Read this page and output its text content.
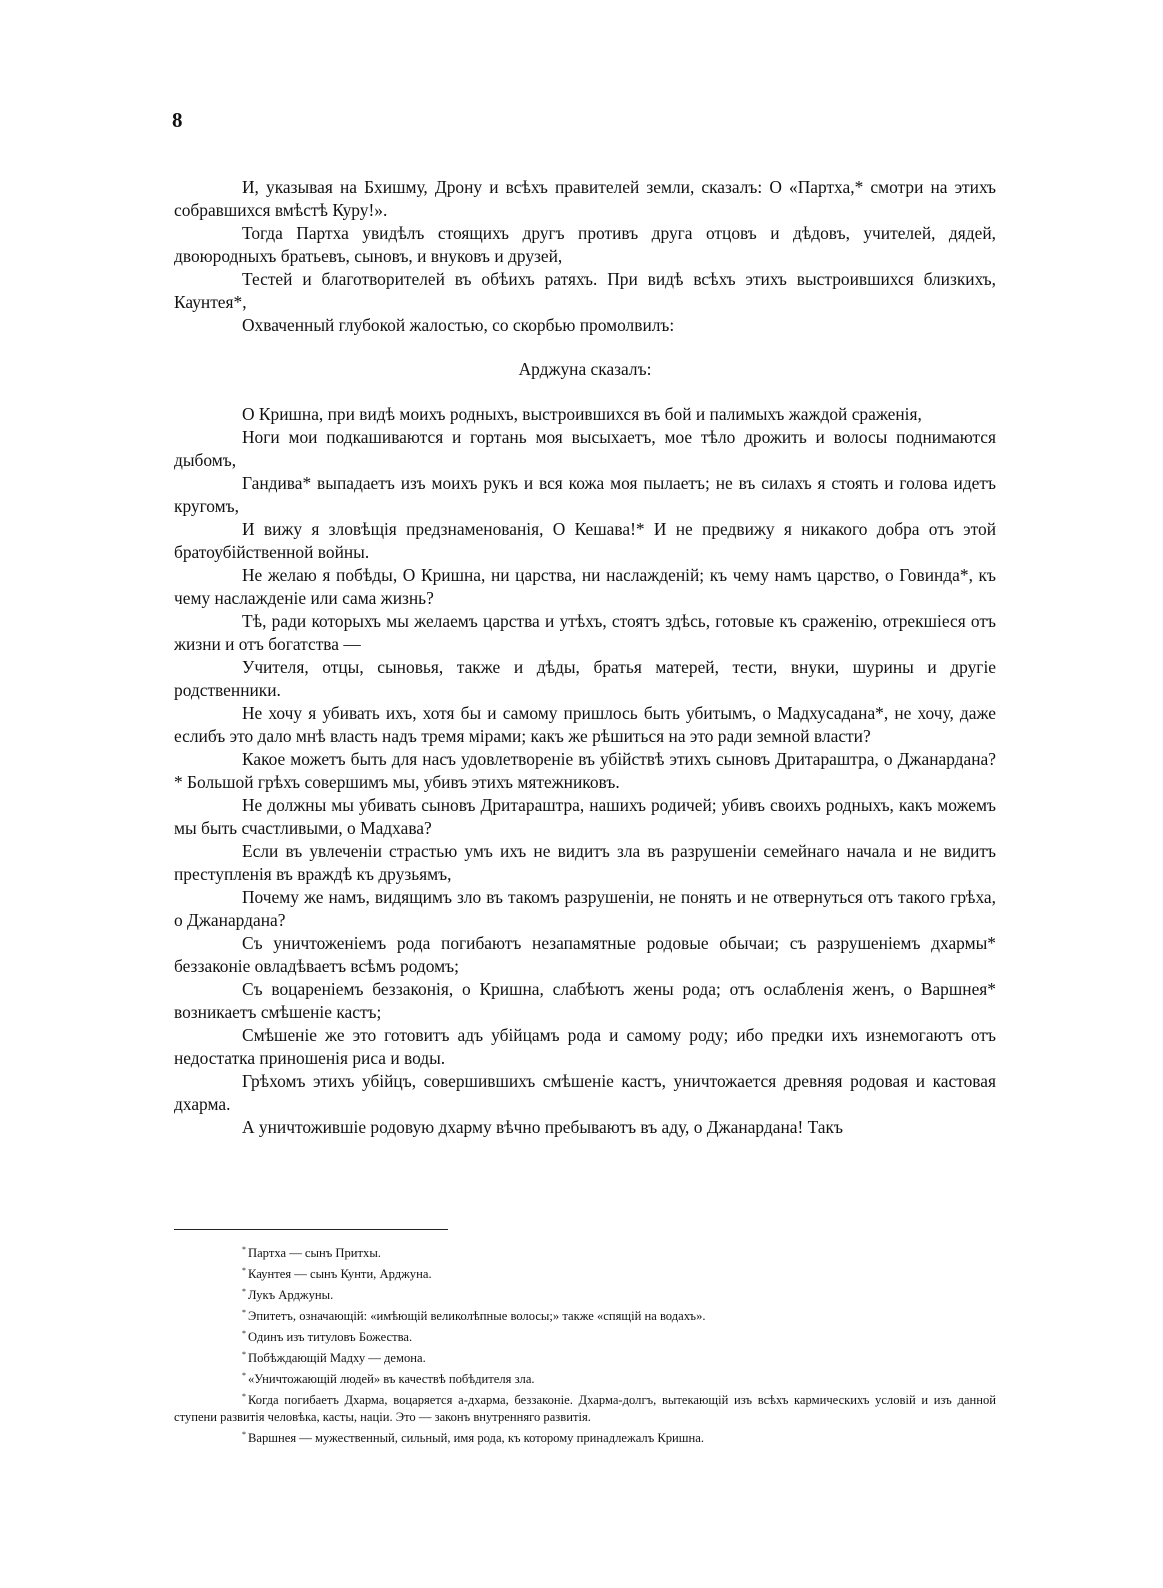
8

И, указывая на Бхишму, Дрону и всѣхъ правителей земли, сказалъ: О «Партха,* смотри на этихъ собравшихся вмѣстѣ Куру!».

Тогда Партха увидѣлъ стоящихъ другъ противъ друга отцовъ и дѣдовъ, учителей, дядей, двоюродныхъ братьевъ, сыновъ, и внуковъ и друзей,

Тестей и благотворителей въ обѣихъ ратяхъ. При видѣ всѣхъ этихъ выстроившихся близкихъ, Каунтея*,

Охваченный глубокой жалостью, со скорбью промолвилъ:

Арджуна сказалъ:

О Кришна, при видѣ моихъ родныхъ, выстроившихся въ бой и палимыхъ жаждой сраженія,

Ноги мои подкашиваются и гортань моя высыхаетъ, мое тѣло дрожить и волосы поднимаются дыбомъ,

Гандива* выпадаетъ изъ моихъ рукъ и вся кожа моя пылаетъ; не въ силахъ я стоять и голова идетъ кругомъ,

И вижу я зловѣщія предзнаменованія, О Кешава!* И не предвижу я никакого добра отъ этой братоубійственной войны.

Не желаю я побѣды, О Кришна, ни царства, ни наслажденій; къ чему намъ царство, о Говинда*, къ чему наслажденіе или сама жизнь?

Тѣ, ради которыхъ мы желаемъ царства и утѣхъ, стоятъ здѣсь, готовые къ сраженію, отрекшіеся отъ жизни и отъ богатства —

Учителя, отцы, сыновья, также и дѣды, братья матерей, тести, внуки, шурины и другіе родственники.

Не хочу я убивать ихъ, хотя бы и самому пришлось быть убитымъ, о Мадхусадана*, не хочу, даже еслибъ это дало мнѣ власть надъ тремя мірами; какъ же рѣшиться на это ради земной власти?

Какое можетъ быть для насъ удовлетвореніе въ убійствѣ этихъ сыновъ Дритараштра, о Джанардана?* Большой грѣхъ совершимъ мы, убивъ этихъ мятежниковъ.

Не должны мы убивать сыновъ Дритараштра, нашихъ родичей; убивъ своихъ родныхъ, какъ можемъ мы быть счастливыми, о Мадхава?

Если въ увлеченіи страстью умъ ихъ не видитъ зла въ разрушеніи семейнаго начала и не видитъ преступленія въ враждѣ къ друзьямъ,

Почему же намъ, видящимъ зло въ такомъ разрушеніи, не понять и не отвернуться отъ такого грѣха, о Джанардана?

Съ уничтоженіемъ рода погибаютъ незапамятные родовые обычаи; съ разрушеніемъ дхармы* беззаконіе овладѣваетъ всѣмъ родомъ;

Съ воцареніемъ беззаконія, о Кришна, слабѣютъ жены рода; отъ ослабленія женъ, о Варшнея* возникаетъ смѣшеніе кастъ;

Смѣшеніе же это готовитъ адъ убійцамъ рода и самому роду; ибо предки ихъ изнемогаютъ отъ недостатка приношенія риса и воды.

Грѣхомъ этихъ убійцъ, совершившихъ смѣшеніе кастъ, уничтожается древняя родовая и кастовая дхарма.

А уничтожившіе родовую дхарму вѣчно пребываютъ въ аду, о Джанардана! Такъ

* Партха — сынъ Притхы.

* Каунтея — сынъ Кунти, Арджуна.

* Лукъ Арджуны.

* Эпитетъ, означающій: «имѣющій великолѣпные волосы;» также «спящій на водахъ».

* Одинъ изъ титуловъ Божества.

* Побѣждающій Мадху — демона.

* «Уничтожающій людей» въ качествѣ побѣдителя зла.

* Когда погибаетъ Дхарма, воцаряется а-дхарма, беззаконіе. Дхарма-долгъ, вытекающій изъ всѣхъ кармическихъ условій и изъ данной ступени развитія человѣка, касты, націи. Это — законъ внутренняго развитія.

* Варшнея — мужественный, сильный, имя рода, къ которому принадлежалъ Кришна.
